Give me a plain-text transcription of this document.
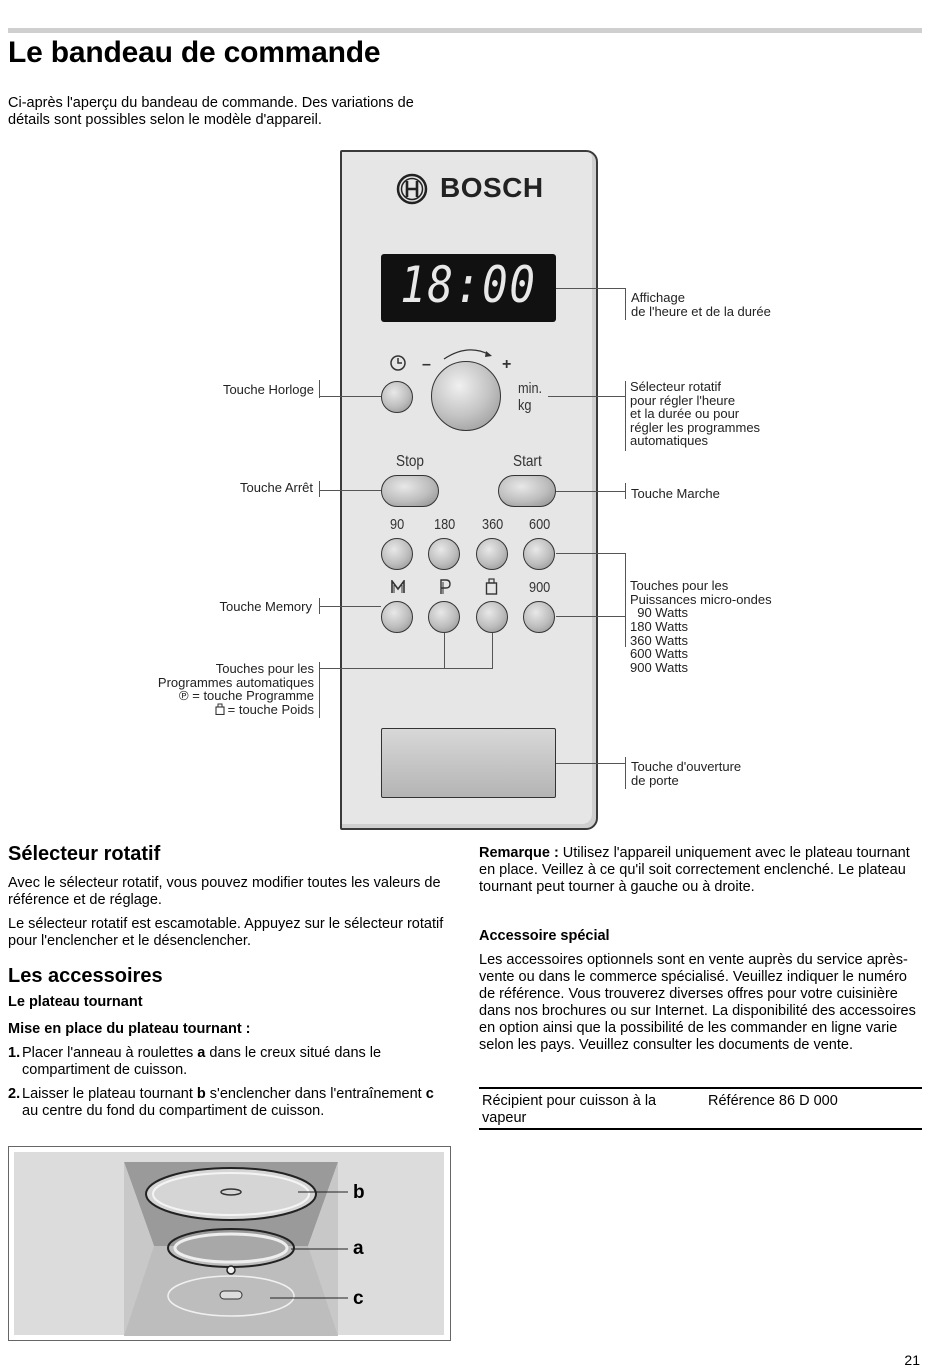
Le bandeau de commande

Ci-après l'aperçu du bandeau de commande. Des variations de détails sont possibles selon le modèle d'appareil.

BOSCH
18:00
–	+
min.
kg
Stop	Start
90 180 360 600
900
Affichage
de l'heure et de la durée
Sélecteur rotatif
pour régler l'heure
et la durée ou pour
régler les programmes
automatiques
Touche Marche

Touches pour les
Puissances micro-ondes
90 Watts
180 Watts
360 Watts
600 Watts
900 Watts

Touche d'ouverture
de porte
Touche Horloge
Touche Arrêt
Touche Memory
Touches pour les
Programmes automatiques
℗ = touche Programme
= touche Poids
Sélecteur rotatif

Avec le sélecteur rotatif, vous pouvez modifier toutes les valeurs de référence et de réglage.

Le sélecteur rotatif est escamotable. Appuyez sur le sélecteur rotatif pour l'enclencher et le désenclencher.

Les accessoires
Le plateau tournant
Mise en place du plateau tournant :
1. Placer l'anneau à roulettes a dans le creux situé dans le compartiment de cuisson.
2. Laisser le plateau tournant b s'enclencher dans l'entraînement c au centre du fond du compartiment de cuisson.
b
a
c

Remarque : Utilisez l'appareil uniquement avec le plateau tournant en place. Veillez à ce qu'il soit correctement enclenché. Le plateau tournant peut tourner à gauche ou à droite.

Accessoire spécial

Les accessoires optionnels sont en vente auprès du service après-vente ou dans le commerce spécialisé. Veuillez indiquer le numéro de référence. Vous trouverez diverses offres pour votre cuisinière dans nos brochures ou sur Internet. La disponibilité des accessoires en option ainsi que la possibilité de les commander en ligne varie selon les pays. Veuillez consulter les documents de vente.

Récipient pour cuisson à la vapeur	Référence 86 D 000
21
